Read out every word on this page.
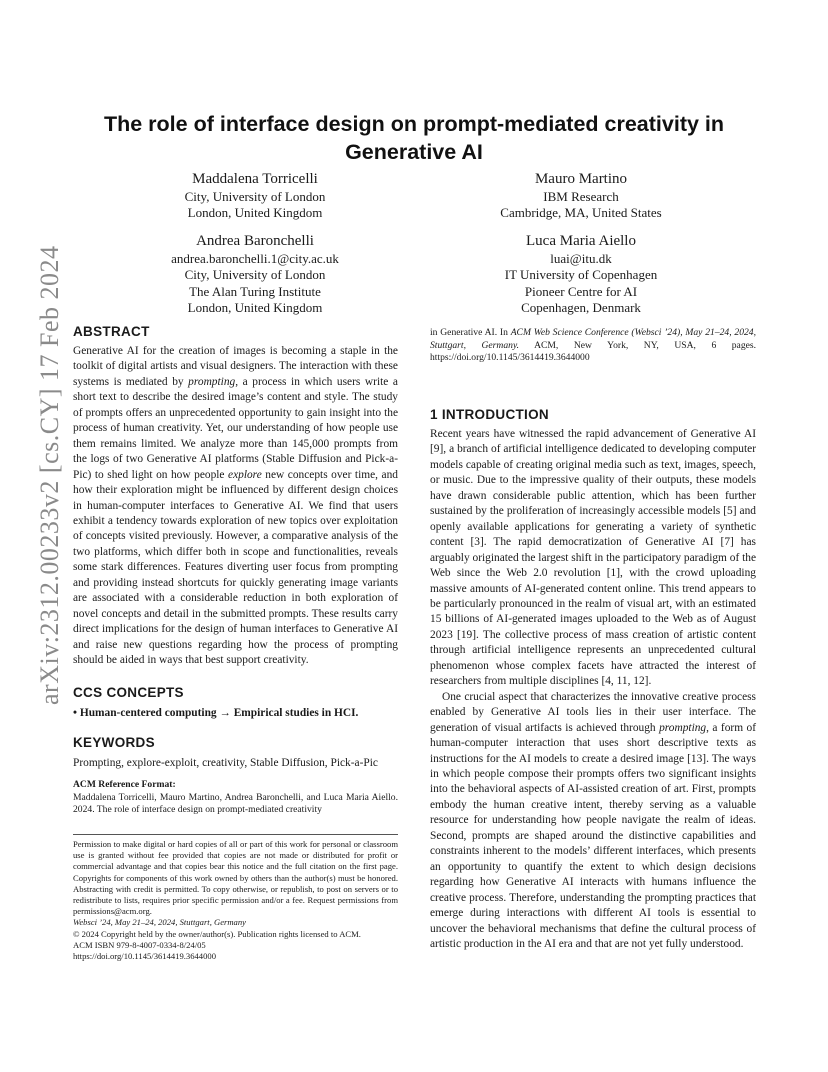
arXiv:2312.00233v2 [cs.CY] 17 Feb 2024
The role of interface design on prompt-mediated creativity in
Generative AI
Maddalena Torricelli
City, University of London
London, United Kingdom
Mauro Martino
IBM Research
Cambridge, MA, United States
Andrea Baronchelli
andrea.baronchelli.1@city.ac.uk
City, University of London
The Alan Turing Institute
London, United Kingdom
Luca Maria Aiello
luai@itu.dk
IT University of Copenhagen
Pioneer Centre for AI
Copenhagen, Denmark
ABSTRACT
Generative AI for the creation of images is becoming a staple in the toolkit of digital artists and visual designers. The interaction with these systems is mediated by prompting, a process in which users write a short text to describe the desired image’s content and style. The study of prompts offers an unprecedented opportunity to gain insight into the process of human creativity. Yet, our understanding of how people use them remains limited. We analyze more than 145,000 prompts from the logs of two Generative AI platforms (Stable Diffusion and Pick-a-Pic) to shed light on how people explore new concepts over time, and how their exploration might be influenced by different design choices in human-computer interfaces to Generative AI. We find that users exhibit a tendency towards exploration of new topics over exploitation of concepts visited previously. However, a comparative analysis of the two platforms, which differ both in scope and functionalities, reveals some stark differences. Features diverting user focus from prompting and providing instead shortcuts for quickly generating image variants are associated with a considerable reduction in both exploration of novel concepts and detail in the submitted prompts. These results carry direct implications for the design of human interfaces to Generative AI and raise new questions regarding how the process of prompting should be aided in ways that best support creativity.
CCS CONCEPTS
• Human-centered computing → Empirical studies in HCI.
KEYWORDS
Prompting, explore-exploit, creativity, Stable Diffusion, Pick-a-Pic
ACM Reference Format:
Maddalena Torricelli, Mauro Martino, Andrea Baronchelli, and Luca Maria Aiello. 2024. The role of interface design on prompt-mediated creativity
Permission to make digital or hard copies of all or part of this work for personal or classroom use is granted without fee provided that copies are not made or distributed for profit or commercial advantage and that copies bear this notice and the full citation on the first page. Copyrights for components of this work owned by others than the author(s) must be honored. Abstracting with credit is permitted. To copy otherwise, or republish, to post on servers or to redistribute to lists, requires prior specific permission and/or a fee. Request permissions from permissions@acm.org.
Websci ’24, May 21–24, 2024, Stuttgart, Germany
© 2024 Copyright held by the owner/author(s). Publication rights licensed to ACM.
ACM ISBN 979-8-4007-0334-8/24/05
https://doi.org/10.1145/3614419.3644000
in Generative AI. In ACM Web Science Conference (Websci ’24), May 21–24, 2024, Stuttgart, Germany. ACM, New York, NY, USA, 6 pages. https://doi.org/10.1145/3614419.3644000
1 INTRODUCTION

Recent years have witnessed the rapid advancement of Generative AI [9], a branch of artificial intelligence dedicated to developing computer models capable of creating original media such as text, images, speech, or music. Due to the impressive quality of their outputs, these models have drawn considerable public attention, which has been further sustained by the proliferation of increasingly accessible models [5] and openly available applications for generating a variety of synthetic content [3]. The rapid democratization of Generative AI [7] has arguably originated the largest shift in the participatory paradigm of the Web since the Web 2.0 revolution [1], with the crowd uploading massive amounts of AI-generated content online. This trend appears to be particularly pronounced in the realm of visual art, with an estimated 15 billions of AI-generated images uploaded to the Web as of August 2023 [19]. The collective process of mass creation of artistic content through artificial intelligence represents an unprecedented cultural phenomenon whose complex facets have attracted the interest of researchers from multiple disciplines [4, 11, 12].

One crucial aspect that characterizes the innovative creative process enabled by Generative AI tools lies in their user interface. The generation of visual artifacts is achieved through prompting, a form of human-computer interaction that uses short descriptive texts as instructions for the AI models to create a desired image [13]. The ways in which people compose their prompts offers two significant insights into the behavioral aspects of AI-assisted creation of art. First, prompts embody the human creative intent, thereby serving as a valuable resource for understanding how people navigate the realm of ideas. Second, prompts are shaped around the distinctive capabilities and constraints inherent to the models’ different interfaces, which presents an opportunity to quantify the extent to which design decisions regarding how Generative AI interacts with humans influence the creative process. Therefore, understanding the prompting practices that emerge during interactions with different AI tools is essential to uncover the behavioral mechanisms that define the cultural process of artistic production in the AI era and that are not yet fully understood.
